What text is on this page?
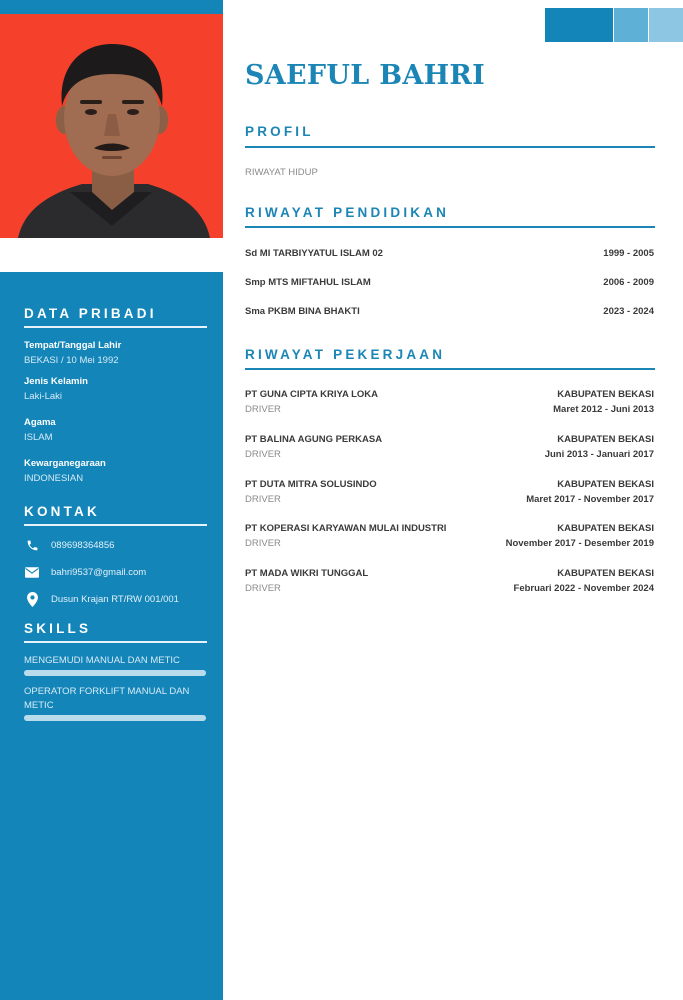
DATA PRIBADI
Tempat/Tanggal Lahir
BEKASI / 10 Mei 1992
Jenis Kelamin
Laki-Laki
Agama
ISLAM
Kewarganegaraan
INDONESIAN
KONTAK
089698364856
bahri9537@gmail.com
Dusun Krajan RT/RW 001/001
SKILLS
MENGEMUDI MANUAL DAN METIC
OPERATOR FORKLIFT MANUAL DAN METIC
SAEFUL BAHRI
PROFIL
RIWAYAT HIDUP
RIWAYAT PENDIDIKAN
Sd MI TARBIYYATUL ISLAM 02	1999 - 2005
Smp MTS MIFTAHUL ISLAM	2006 - 2009
Sma PKBM BINA BHAKTI	2023 - 2024
RIWAYAT PEKERJAAN
PT GUNA CIPTA KRIYA LOKA	KABUPATEN BEKASI
DRIVER	Maret 2012 - Juni 2013
PT BALINA AGUNG PERKASA	KABUPATEN BEKASI
DRIVER	Juni 2013 - Januari 2017
PT DUTA MITRA SOLUSINDO	KABUPATEN BEKASI
DRIVER	Maret 2017 - November 2017
PT KOPERASI KARYAWAN MULAI INDUSTRI	KABUPATEN BEKASI
DRIVER	November 2017 - Desember 2019
PT MADA WIKRI TUNGGAL	KABUPATEN BEKASI
DRIVER	Februari 2022 - November 2024
